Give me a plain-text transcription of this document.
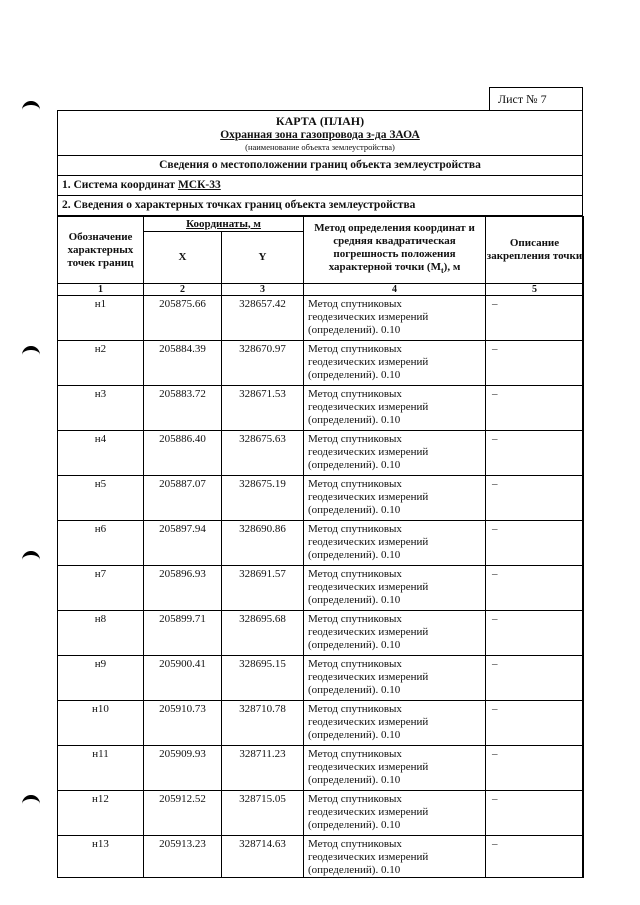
Лист № 7
КАРТА (ПЛАН)
Охранная зона газопровода з-да ЗАОА
(наименование объекта землеустройства)
Сведения о местоположении границ объекта землеустройства
1. Система координат МСК-33
2. Сведения о характерных точках границ объекта землеустройства
Обозначение характерных точек границ	Координаты, м		Метод определения координат и средняя квадратическая погрешность положения характерной точки $(M_t)$, м	Описание закрепления точки
	X	Y		
1	2	3	4	5
н1	205875.66	328657.42	Метод спутниковых
геодезических измерений
(определений). 0.10	–
н2	205884.39	328670.97	Метод спутниковых
геодезических измерений
(определений). 0.10	–
н3	205883.72	328671.53	Метод спутниковых
геодезических измерений
(определений). 0.10	–
н4	205886.40	328675.63	Метод спутниковых
геодезических измерений
(определений). 0.10	–
н5	205887.07	328675.19	Метод спутниковых
геодезических измерений
(определений). 0.10	–
н6	205897.94	328690.86	Метод спутниковых
геодезических измерений
(определений). 0.10	–
н7	205896.93	328691.57	Метод спутниковых
геодезических измерений
(определений). 0.10	–
н8	205899.71	328695.68	Метод спутниковых
геодезических измерений
(определений). 0.10	–
н9	205900.41	328695.15	Метод спутниковых
геодезических измерений
(определений). 0.10	–
н10	205910.73	328710.78	Метод спутниковых
геодезических измерений
(определений). 0.10	–
н11	205909.93	328711.23	Метод спутниковых
геодезических измерений
(определений). 0.10	–
н12	205912.52	328715.05	Метод спутниковых
геодезических измерений
(определений). 0.10	–
н13	205913.23	328714.63	Метод спутниковых
геодезических измерений
(определений). 0.10	–
